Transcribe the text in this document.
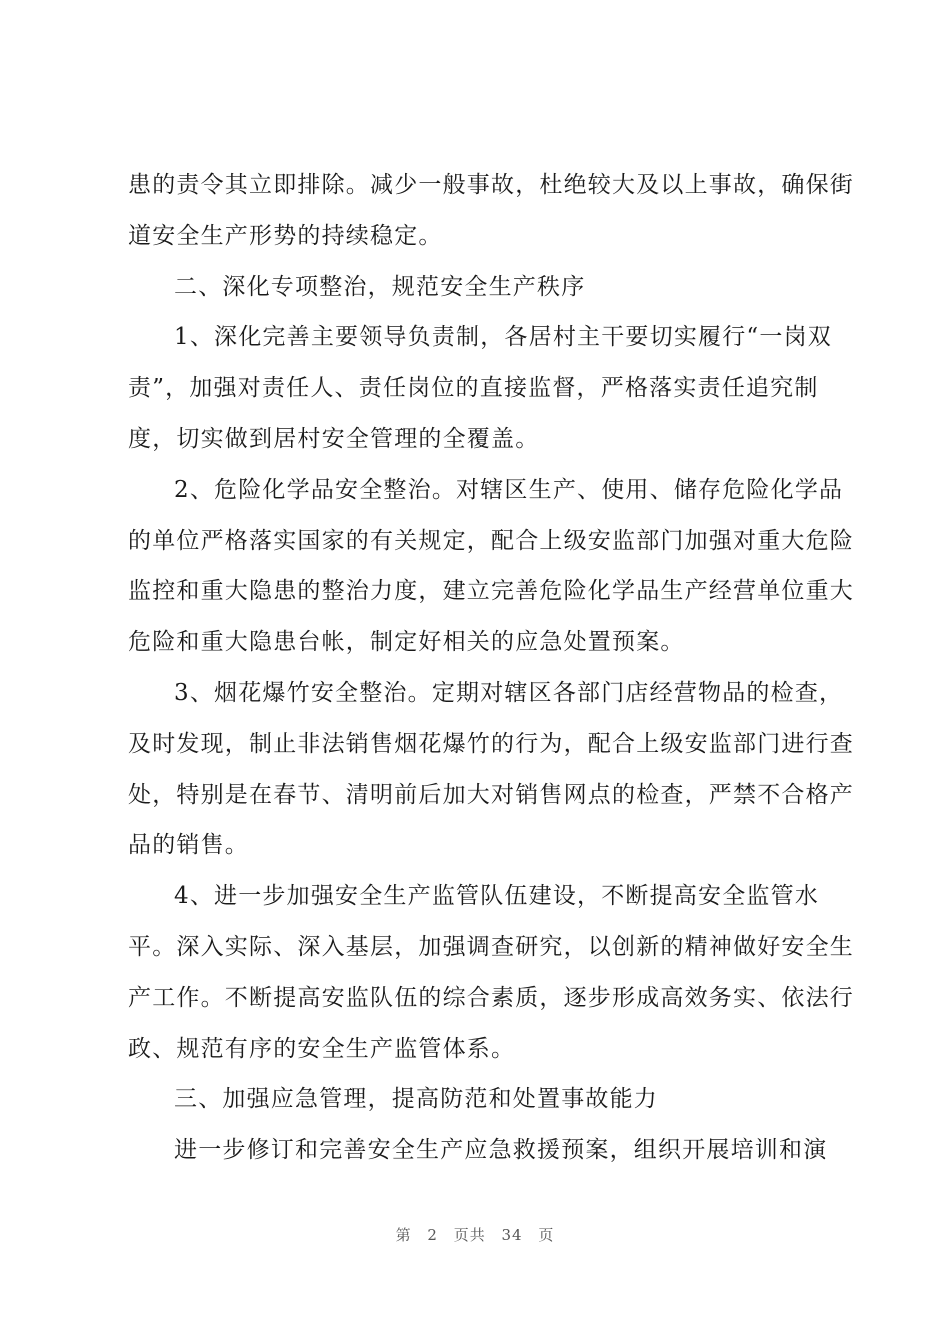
患的责令其立即排除。减少一般事故，杜绝较大及以上事故，确保街
道安全生产形势的持续稳定。
二、深化专项整治，规范安全生产秩序
1、深化完善主要领导负责制，各居村主干要切实履行“一岗双
责”，加强对责任人、责任岗位的直接监督，严格落实责任追究制
度，切实做到居村安全管理的全覆盖。
2、危险化学品安全整治。对辖区生产、使用、储存危险化学品
的单位严格落实国家的有关规定，配合上级安监部门加强对重大危险
监控和重大隐患的整治力度，建立完善危险化学品生产经营单位重大
危险和重大隐患台帐，制定好相关的应急处置预案。
3、烟花爆竹安全整治。定期对辖区各部门店经营物品的检查，
及时发现，制止非法销售烟花爆竹的行为，配合上级安监部门进行查
处，特别是在春节、清明前后加大对销售网点的检查，严禁不合格产
品的销售。
4、进一步加强安全生产监管队伍建设，不断提高安全监管水
平。深入实际、深入基层，加强调查研究，以创新的精神做好安全生
产工作。不断提高安监队伍的综合素质，逐步形成高效务实、依法行
政、规范有序的安全生产监管体系。
三、加强应急管理，提高防范和处置事故能力
进一步修订和完善安全生产应急救援预案，组织开展培训和演
第 2 页共 34 页
